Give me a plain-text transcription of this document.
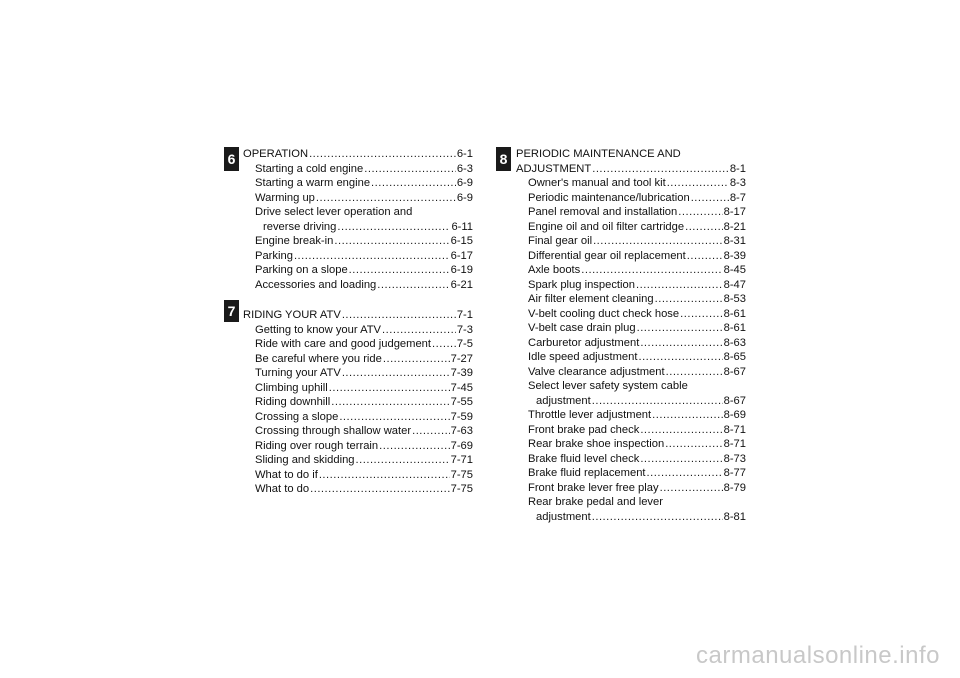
6
7
8
OPERATION .....	6-1
Starting a cold engine .....	6-3
Starting a warm engine .....	6-9
Warming up .....	6-9
Drive select lever operation and
reverse driving .....	6-11
Engine break-in .....	6-15
Parking .....	6-17
Parking on a slope .....	6-19
Accessories and loading .....	6-21
RIDING YOUR ATV .....	7-1
Getting to know your ATV .....	7-3
Ride with care and good judgement ..... 7-5
Be careful where you ride .....	7-27
Turning your ATV .....	7-39
Climbing uphill .....	7-45
Riding downhill .....	7-55
Crossing a slope .....	7-59
Crossing through shallow water .....	7-63
Riding over rough terrain .....	7-69
Sliding and skidding .....	7-71
What to do if .....	7-75
What to do .....	7-75
PERIODIC MAINTENANCE AND
ADJUSTMENT .....	8-1
Owner's manual and tool kit .....	8-3
Periodic maintenance/lubrication .....	8-7
Panel removal and installation .....	8-17
Engine oil and oil filter cartridge .....	8-21
Final gear oil .....	8-31
Differential gear oil replacement .....	8-39
Axle boots .....	8-45
Spark plug inspection .....	8-47
Air filter element cleaning .....	8-53
V-belt cooling duct check hose .....	8-61
V-belt case drain plug .....	8-61
Carburetor adjustment .....	8-63
Idle speed adjustment .....	8-65
Valve clearance adjustment .....	8-67
Select lever safety system cable
adjustment .....	8-67
Throttle lever adjustment .....	8-69
Front brake pad check .....	8-71
Rear brake shoe inspection .....	8-71
Brake fluid level check .....	8-73
Brake fluid replacement .....	8-77
Front brake lever free play .....	8-79
Rear brake pedal and lever
adjustment .....	8-81
carmanualsonline.info
